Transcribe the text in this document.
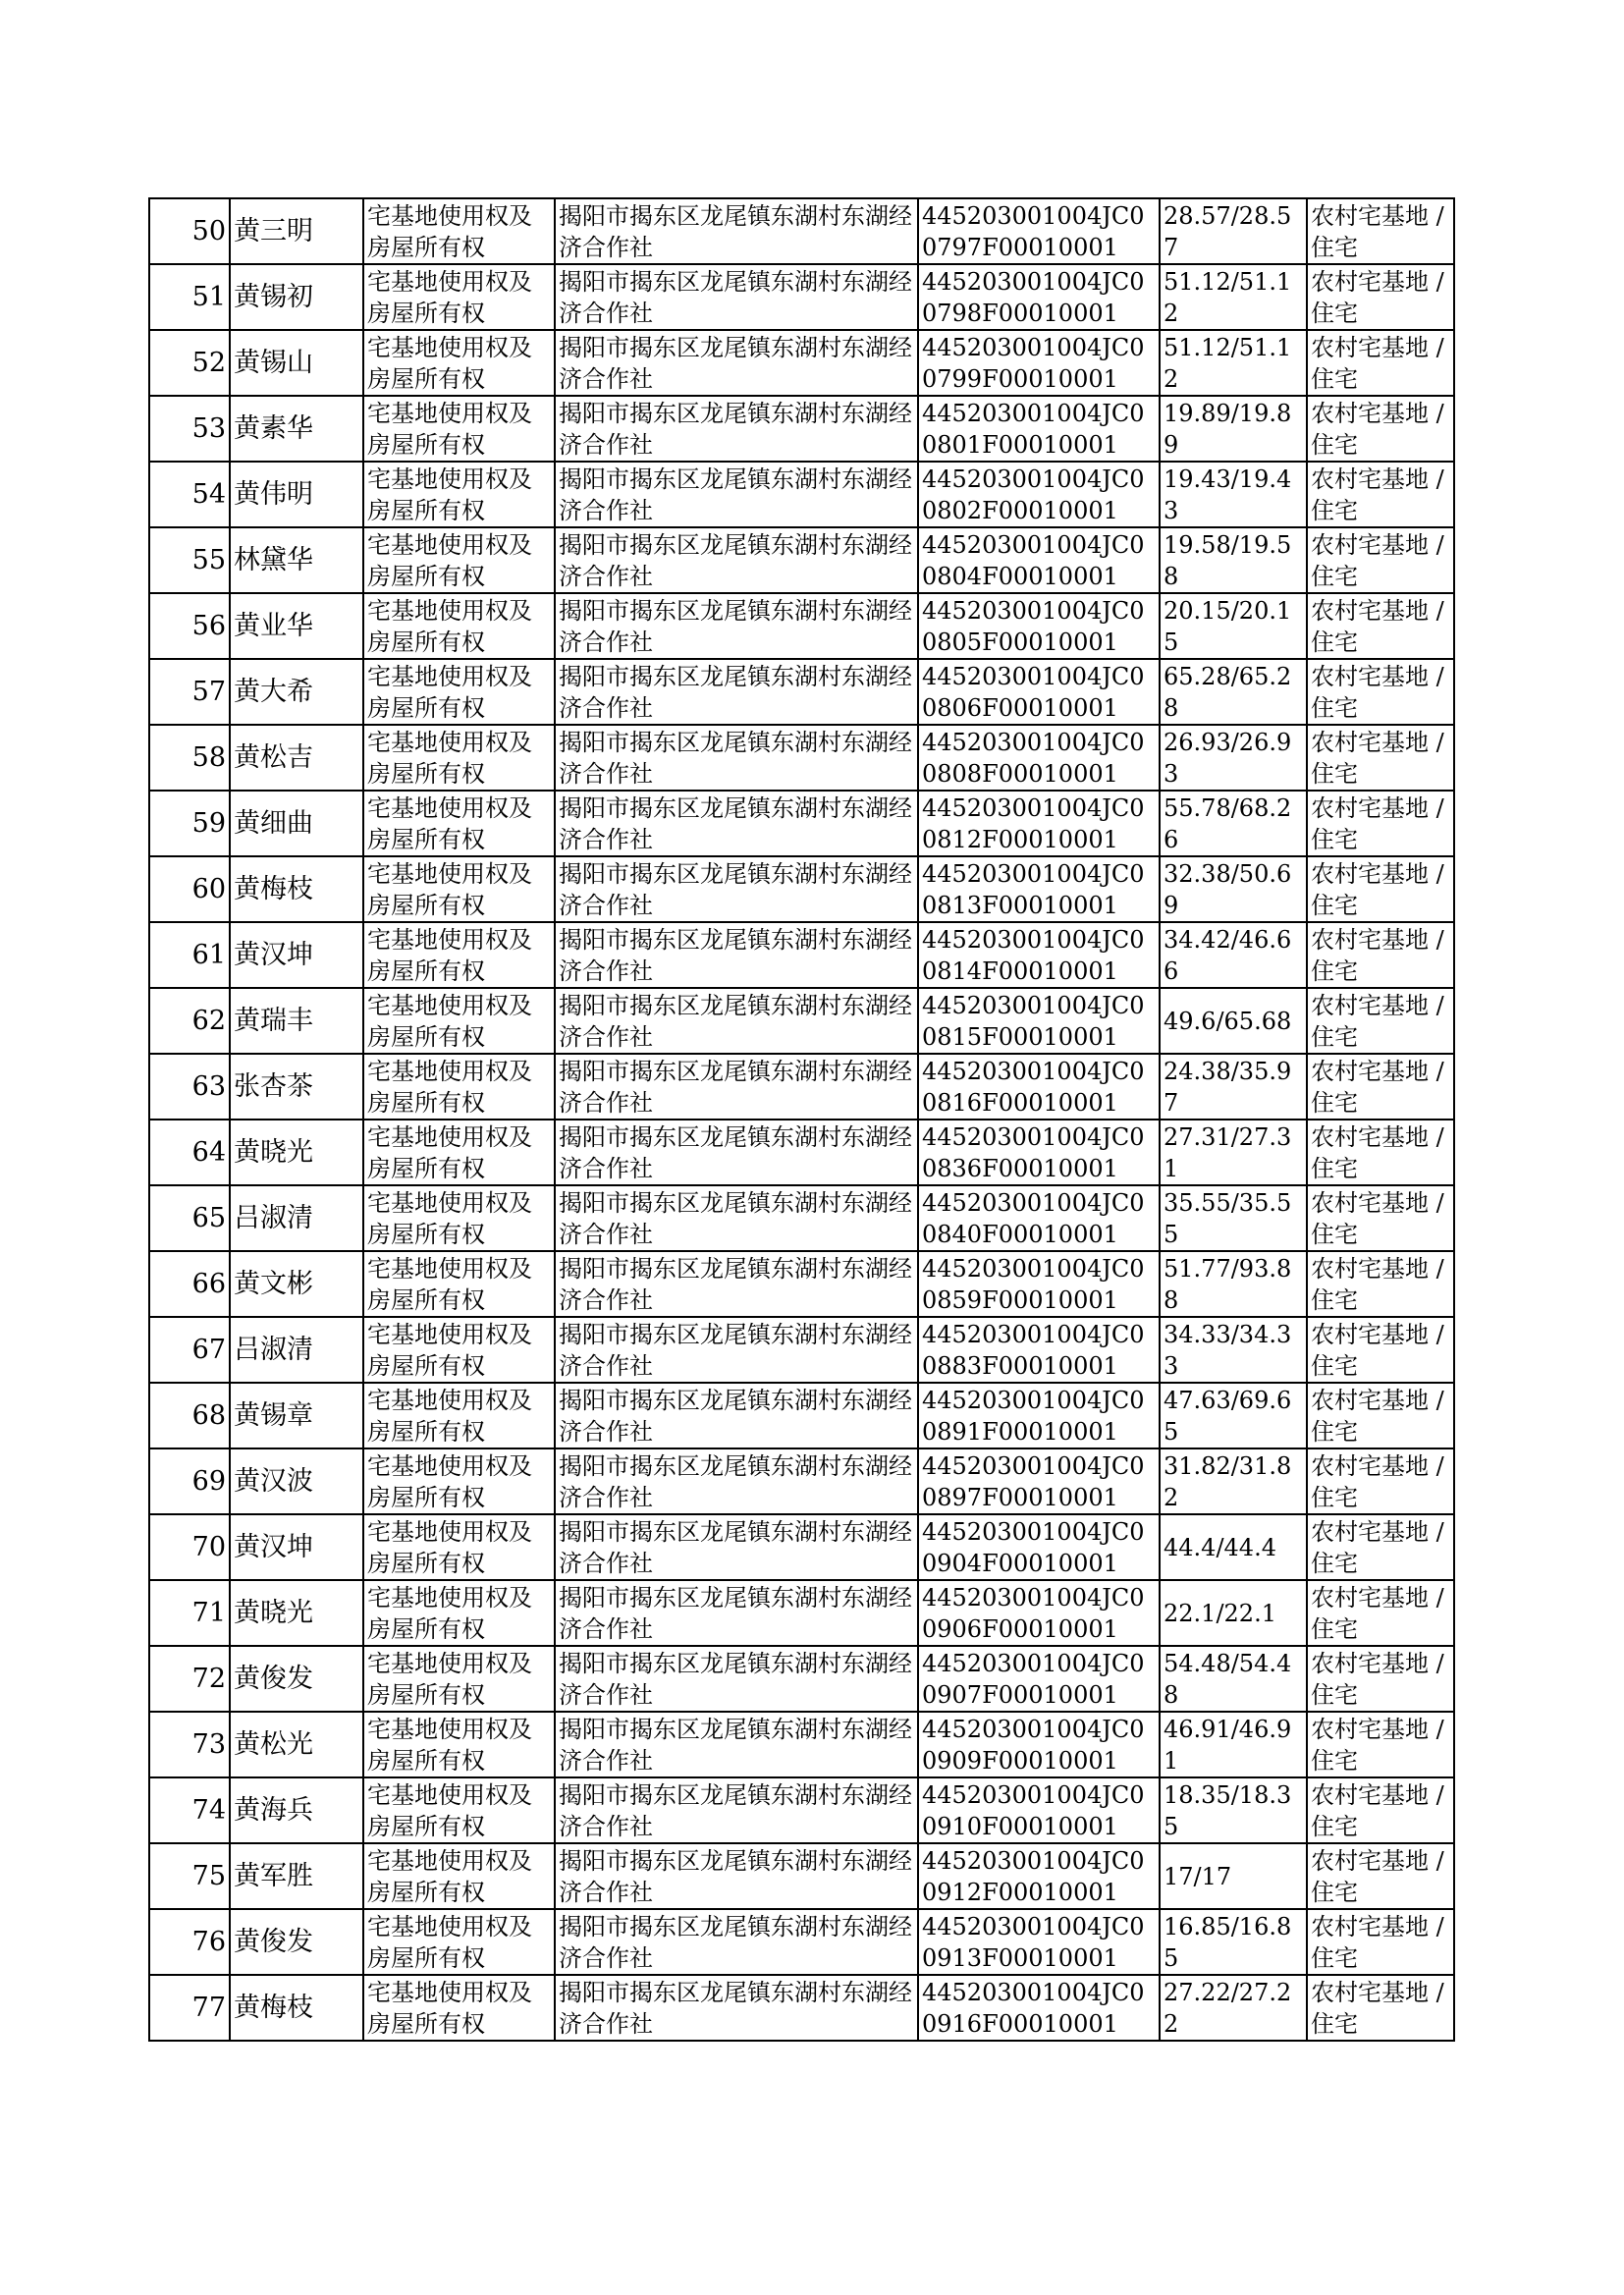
50	黄三明	宅基地使用权及房屋所有权	揭阳市揭东区龙尾镇东湖村东湖经济合作社	445203001004JC00797F00010001	28.57/28.57	农村宅基地 / 住宅
51	黄锡初	宅基地使用权及房屋所有权	揭阳市揭东区龙尾镇东湖村东湖经济合作社	445203001004JC00798F00010001	51.12/51.12	农村宅基地 / 住宅
52	黄锡山	宅基地使用权及房屋所有权	揭阳市揭东区龙尾镇东湖村东湖经济合作社	445203001004JC00799F00010001	51.12/51.12	农村宅基地 / 住宅
53	黄素华	宅基地使用权及房屋所有权	揭阳市揭东区龙尾镇东湖村东湖经济合作社	445203001004JC00801F00010001	19.89/19.89	农村宅基地 / 住宅
54	黄伟明	宅基地使用权及房屋所有权	揭阳市揭东区龙尾镇东湖村东湖经济合作社	445203001004JC00802F00010001	19.43/19.43	农村宅基地 / 住宅
55	林黛华	宅基地使用权及房屋所有权	揭阳市揭东区龙尾镇东湖村东湖经济合作社	445203001004JC00804F00010001	19.58/19.58	农村宅基地 / 住宅
56	黄业华	宅基地使用权及房屋所有权	揭阳市揭东区龙尾镇东湖村东湖经济合作社	445203001004JC00805F00010001	20.15/20.15	农村宅基地 / 住宅
57	黄大希	宅基地使用权及房屋所有权	揭阳市揭东区龙尾镇东湖村东湖经济合作社	445203001004JC00806F00010001	65.28/65.28	农村宅基地 / 住宅
58	黄松吉	宅基地使用权及房屋所有权	揭阳市揭东区龙尾镇东湖村东湖经济合作社	445203001004JC00808F00010001	26.93/26.93	农村宅基地 / 住宅
59	黄细曲	宅基地使用权及房屋所有权	揭阳市揭东区龙尾镇东湖村东湖经济合作社	445203001004JC00812F00010001	55.78/68.26	农村宅基地 / 住宅
60	黄梅枝	宅基地使用权及房屋所有权	揭阳市揭东区龙尾镇东湖村东湖经济合作社	445203001004JC00813F00010001	32.38/50.69	农村宅基地 / 住宅
61	黄汉坤	宅基地使用权及房屋所有权	揭阳市揭东区龙尾镇东湖村东湖经济合作社	445203001004JC00814F00010001	34.42/46.66	农村宅基地 / 住宅
62	黄瑞丰	宅基地使用权及房屋所有权	揭阳市揭东区龙尾镇东湖村东湖经济合作社	445203001004JC00815F00010001	49.6/65.68	农村宅基地 / 住宅
63	张杏茶	宅基地使用权及房屋所有权	揭阳市揭东区龙尾镇东湖村东湖经济合作社	445203001004JC00816F00010001	24.38/35.97	农村宅基地 / 住宅
64	黄晓光	宅基地使用权及房屋所有权	揭阳市揭东区龙尾镇东湖村东湖经济合作社	445203001004JC00836F00010001	27.31/27.31	农村宅基地 / 住宅
65	吕淑清	宅基地使用权及房屋所有权	揭阳市揭东区龙尾镇东湖村东湖经济合作社	445203001004JC00840F00010001	35.55/35.55	农村宅基地 / 住宅
66	黄文彬	宅基地使用权及房屋所有权	揭阳市揭东区龙尾镇东湖村东湖经济合作社	445203001004JC00859F00010001	51.77/93.88	农村宅基地 / 住宅
67	吕淑清	宅基地使用权及房屋所有权	揭阳市揭东区龙尾镇东湖村东湖经济合作社	445203001004JC00883F00010001	34.33/34.33	农村宅基地 / 住宅
68	黄锡章	宅基地使用权及房屋所有权	揭阳市揭东区龙尾镇东湖村东湖经济合作社	445203001004JC00891F00010001	47.63/69.65	农村宅基地 / 住宅
69	黄汉波	宅基地使用权及房屋所有权	揭阳市揭东区龙尾镇东湖村东湖经济合作社	445203001004JC00897F00010001	31.82/31.82	农村宅基地 / 住宅
70	黄汉坤	宅基地使用权及房屋所有权	揭阳市揭东区龙尾镇东湖村东湖经济合作社	445203001004JC00904F00010001	44.4/44.4	农村宅基地 / 住宅
71	黄晓光	宅基地使用权及房屋所有权	揭阳市揭东区龙尾镇东湖村东湖经济合作社	445203001004JC00906F00010001	22.1/22.1	农村宅基地 / 住宅
72	黄俊发	宅基地使用权及房屋所有权	揭阳市揭东区龙尾镇东湖村东湖经济合作社	445203001004JC00907F00010001	54.48/54.48	农村宅基地 / 住宅
73	黄松光	宅基地使用权及房屋所有权	揭阳市揭东区龙尾镇东湖村东湖经济合作社	445203001004JC00909F00010001	46.91/46.91	农村宅基地 / 住宅
74	黄海兵	宅基地使用权及房屋所有权	揭阳市揭东区龙尾镇东湖村东湖经济合作社	445203001004JC00910F00010001	18.35/18.35	农村宅基地 / 住宅
75	黄军胜	宅基地使用权及房屋所有权	揭阳市揭东区龙尾镇东湖村东湖经济合作社	445203001004JC00912F00010001	17/17	农村宅基地 / 住宅
76	黄俊发	宅基地使用权及房屋所有权	揭阳市揭东区龙尾镇东湖村东湖经济合作社	445203001004JC00913F00010001	16.85/16.85	农村宅基地 / 住宅
77	黄梅枝	宅基地使用权及房屋所有权	揭阳市揭东区龙尾镇东湖村东湖经济合作社	445203001004JC00916F00010001	27.22/27.22	农村宅基地 / 住宅
